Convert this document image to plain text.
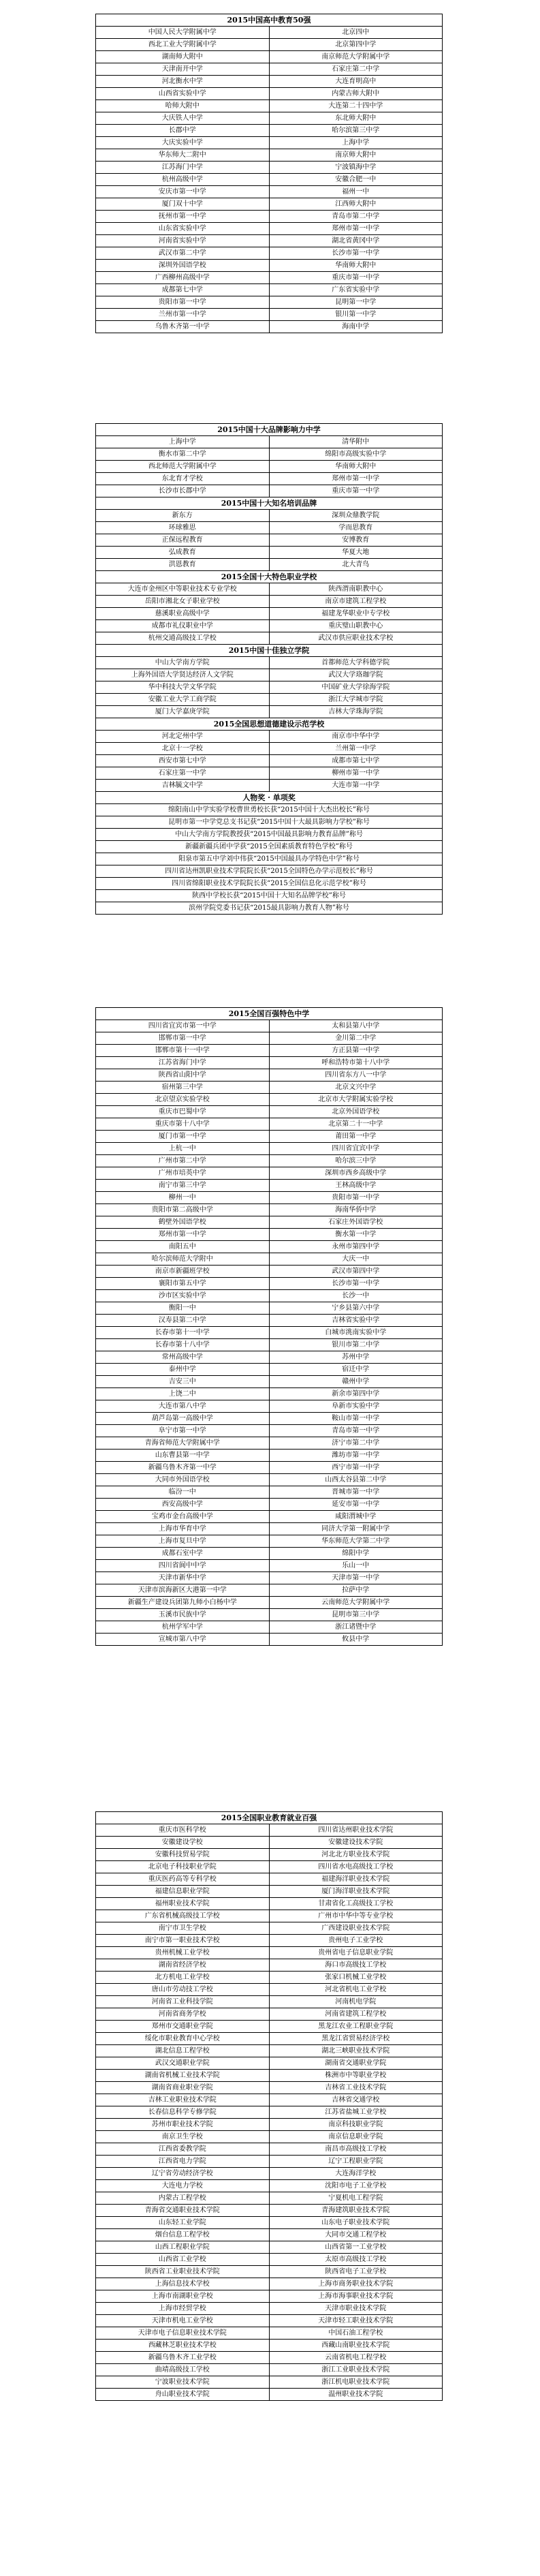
2015中国高中教育50强
中国人民大学附属中学	北京四中
西北工业大学附属中学	北京第四中学
湖南师大附中	南京师范大学附属中学
天津南开中学	石家庄第二中学
河北衡水中学	大连育明高中
山西省实验中学	内蒙古师大附中
哈师大附中	大连第二十四中学
大庆铁人中学	东北师大附中
长郡中学	哈尔滨第三中学
大庆实验中学	上海中学
华东师大二附中	南京师大附中
江苏海门中学	宁波镇海中学
杭州高级中学	安徽合肥一中
安庆市第一中学	福州一中
厦门双十中学	江西师大附中
抚州市第一中学	青岛市第二中学
山东省实验中学	郑州市第一中学
河南省实验中学	湖北省黄冈中学
武汉市第二中学	长沙市第一中学
深圳外国语学校	华南师大附中
广西柳州高级中学	重庆市第一中学
成都第七中学	广东省实验中学
贵阳市第一中学	昆明第一中学
兰州市第一中学	银川第一中学
乌鲁木齐第一中学	海南中学
2015中国十大品牌影响力中学
上海中学	清华附中
衡水市第二中学	绵阳市高级实验中学
西北师范大学附属中学	华南师大附中
东北育才学校	郑州市第一中学
长沙市长郡中学	重庆市第一中学
2015中国十大知名培训品牌
新东方	深圳众鼎教学院
环球雅思	学而思教育
正保远程教育	安博教育
弘成教育	华夏大地
洪恩教育	北大青鸟
2015全国十大特色职业学校
大连市金州区中等职业技术专业学校	陕西渭南职教中心
岳阳市湘北女子职业学校	南京市建筑工程学校
慈溪职业高级中学	福建龙华职业中专学校
成都市礼仪职业中学	重庆璧山职教中心
杭州交通高级技工学校	武汉市供应职业技术学校
2015中国十佳独立学院
中山大学南方学院	首都师范大学科德学院
上海外国语大学贤达经济人文学院	武汉大学珞珈学院
华中科技大学文华学院	中国矿业大学徐海学院
安徽工业大学工商学院	浙江大学城市学院
厦门大学嘉庚学院	吉林大学珠海学院
2015全国思想道德建设示范学校
河北定州中学	南京市中华中学
北京十一学校	兰州第一中学
西安市第七中学	成都市第七中学
石家庄第一中学	柳州市第一中学
吉林毓文中学	大连市第一中学
人物奖 · 单项奖
绵阳南山中学实验学校曹世勇校长获“2015中国十大杰出校长”称号
昆明市第一中学党总支书记获“2015中国十大最具影响力学校”称号
中山大学南方学院教授获“2015中国最具影响力教育品牌”称号
新疆新疆兵团中学获“2015全国素质教育特色学校”称号
阳泉市第五中学刘中伟获“2015中国最具办学特色中学”称号
四川省达州凯职业技术学院院长获“2015全国特色办学示范校长”称号
四川省绵阳职业技术学院院长获“2015全国信息化示范学校”称号
陕西中学校长获“2015中国十大知名品牌学校”称号
滨州学院党委书记获“2015最具影响力教育人物”称号
2015全国百强特色中学
四川省宜宾市第一中学	太和县第八中学
邯郸市第一中学	金川第二中学
邯郸市第十一中学	方正县第一中学
江苏省海门中学	呼和浩特市第十八中学
陕西省山阳中学	四川省东方八一中学
宿州第三中学	北京文兴中学
北京望京实验学校	北京市大学附属实验学校
重庆市巴蜀中学	北京外国语学校
重庆市第十八中学	北京第二十一中学
厦门市第一中学	莆田第一中学
上杭一中	四川省宜宾中学
广州市第二中学	哈尔滨三中学
广州市培英中学	深圳市西乡高级中学
南宁市第三中学	王林高级中学
柳州一中	贵阳市第一中学
贵阳市第二高级中学	海南华侨中学
鹤壁外国语学校	石家庄外国语学校
郑州市第一中学	衡水第一中学
南阳五中	永州市第四中学
哈尔滨师范大学附中	大庆一中
南京市新疆班学校	武汉市第四中学
襄阳市第五中学	长沙市第一中学
沙市区实验中学	长沙一中
衡阳一中	宁乡县第六中学
汉寿县第二中学	吉林省实验中学
长春市第十一中学	白城市洮南实验中学
长春市第十八中学	银川市第二中学
常州高级中学	苏州中学
泰州中学	宿迁中学
吉安三中	赣州中学
上饶二中	新余市第四中学
大连市第八中学	阜新市实验中学
葫芦岛第一高级中学	鞍山市第一中学
阜宁市第一中学	青岛市第一中学
青海省师范大学附属中学	济宁市第二中学
山东曹县第一中学	潍坊市第一中学
新疆乌鲁木齐第一中学	西宁市第一中学
大同市外国语学校	山西太谷县第二中学
临汾一中	晋城市第一中学
西安高级中学	延安市第一中学
宝鸡市金台高级中学	咸阳渭城中学
上海市华育中学	同济大学第一附属中学
上海市复旦中学	华东师范大学第二中学
成都石室中学	绵阳中学
四川省阆中中学	乐山一中
天津市新华中学	天津市第一中学
天津市滨海新区大港第一中学	拉萨中学
新疆生产建设兵团第九师小白杨中学	云南师范大学附属中学
玉溪市民族中学	昆明市第三中学
杭州学军中学	浙江诸暨中学
宣城市第八中学	攸县中学
2015全国职业教育就业百强
重庆市医科学校	四川省达州职业技术学院
安徽建设学校	安徽建设技术学院
安徽科技贸易学院	河北北方职业技术学院
北京电子科技职业学院	四川省水电高级技工学校
重庆医药高等专科学校	福建海洋职业技术学院
福建信息职业学院	厦门海洋职业技术学院
福州职业技术学院	甘肃省化工高级技工学校
广东省机械高级技工学校	广州市中华中等专业学校
南宁市卫生学校	广西建设职业技术学院
南宁市第一职业技术学校	贵州电子工业学校
贵州机械工业学校	贵州省电子信息职业学院
湖南省经济学校	海口市高级技工学校
北方机电工业学校	张家口机械工业学校
唐山市劳动技工学校	河北省机电工业学校
河南省工业科技学院	河南机电学院
河南省商务学校	河南省建筑工程学校
郑州市交通职业学院	黑龙江农业工程职业学院
绥化市职业教育中心学校	黑龙江省贸易经济学校
湖北信息工程学校	湖北三峡职业技术学院
武汉交通职业学院	湖南省交通职业学院
湖南省机械工业技术学院	株洲市中等职业学校
湖南省商业职业学院	吉林省工业技术学院
吉林工业职业技术学院	吉林省交通学校
长春信息科学专修学院	江苏省盐城工业学校
苏州市职业技术学院	南京科技职业学院
南京卫生学校	南京信息职业学院
江西省委教学院	南昌市高级技工学校
江西省电力学院	辽宁工程职业学院
辽宁省劳动经济学校	大连海洋学校
大连电力学校	沈阳市电子工业学校
内蒙古工程学校	宁夏机电工程学院
青海省交通职业技术学院	青海建筑职业技术学院
山东轻工业学院	山东电子职业技术学院
烟台信息工程学校	大同市交通工程学校
山西工程职业学院	山西省第一工业学校
山西省工业学校	太原市高级技工学校
陕西省工业职业技术学院	陕西省电子工业学校
上海信息技术学校	上海市商务职业技术学院
上海市南湖职业学校	上海市海事职业技术学院
上海市经贸学校	天津市职业技术学院
天津市机电工业学校	天津市轻工职业技术学院
天津市电子信息职业技术学院	中国石油工程学校
西藏林芝职业技术学校	西藏山南职业技术学院
新疆乌鲁木齐工业学校	云南省机电工程学校
曲靖高级技工学校	浙江工业职业技术学院
宁波职业技术学院	浙江机电职业技术学院
舟山职业技术学院	温州职业技术学院
